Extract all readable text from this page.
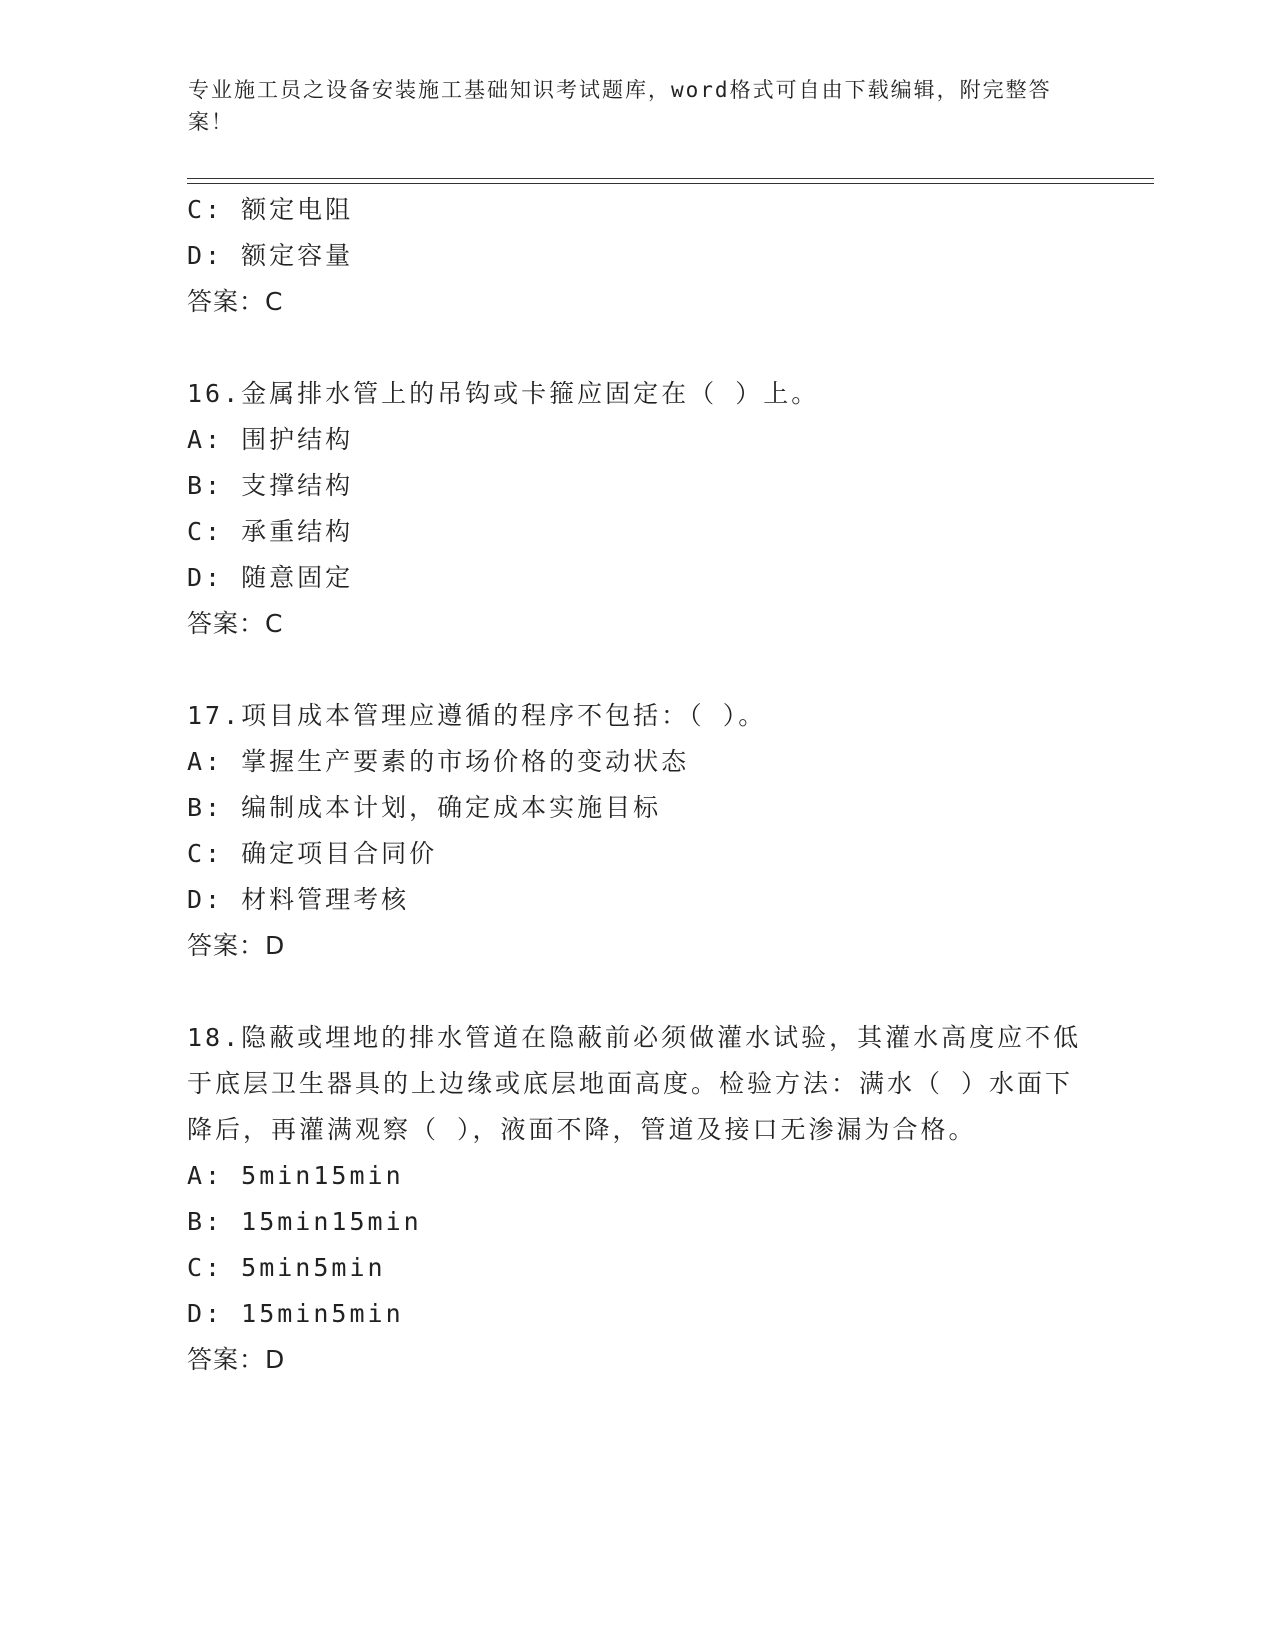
专业施工员之设备安装施工基础知识考试题库，word格式可自由下载编辑，附完整答案！
C: 额定电阻
D: 额定容量
答案：C
16.金属排水管上的吊钩或卡箍应固定在（ ）上。
A: 围护结构
B: 支撑结构
C: 承重结构
D: 随意固定
答案：C
17.项目成本管理应遵循的程序不包括：（ ）。
A: 掌握生产要素的市场价格的变动状态
B: 编制成本计划，确定成本实施目标
C: 确定项目合同价
D: 材料管理考核
答案：D
18.隐蔽或埋地的排水管道在隐蔽前必须做灌水试验，其灌水高度应不低于底层卫生器具的上边缘或底层地面高度。检验方法：满水（ ）水面下降后，再灌满观察（ ），液面不降，管道及接口无渗漏为合格。
A: 5min15min
B: 15min15min
C: 5min5min
D: 15min5min
答案：D
